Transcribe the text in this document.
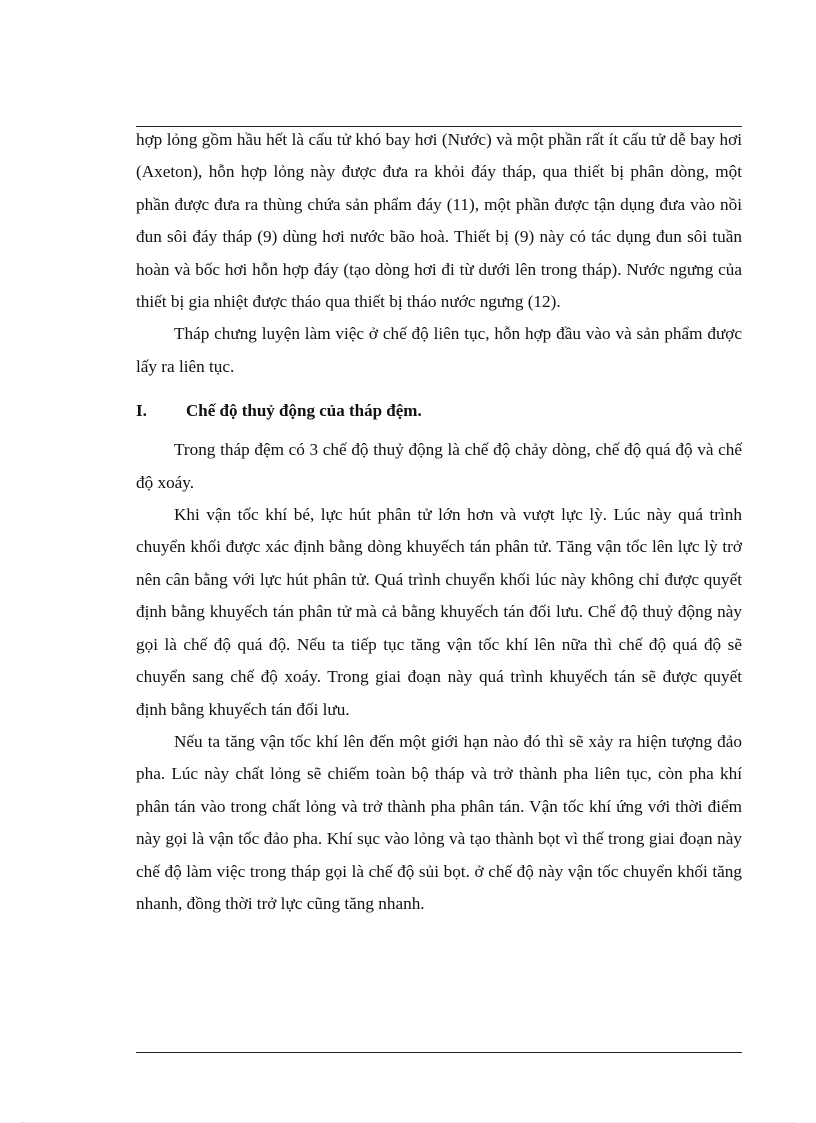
hợp lỏng gồm hầu hết là cấu tử khó bay hơi (Nước) và một phần rất ít cấu tử dễ bay hơi (Axeton), hỗn hợp lỏng này được đưa ra khỏi đáy tháp, qua thiết bị phân dòng, một phần được đưa ra thùng chứa sản phẩm đáy (11), một phần được tận dụng đưa vào nồi đun sôi đáy tháp (9) dùng hơi nước bão hoà. Thiết bị (9) này có tác dụng đun sôi tuần hoàn và bốc hơi hỗn hợp đáy (tạo dòng hơi đi từ dưới lên trong tháp). Nước ngưng của thiết bị gia nhiệt được tháo qua thiết bị tháo nước ngưng (12).

Tháp chưng luyện làm việc ở chế độ liên tục, hỗn hợp đầu vào và sản phẩm được lấy ra liên tục.

I.	Chế độ thuỷ động của tháp đệm.

Trong tháp đệm có 3 chế độ thuỷ động là chế độ chảy dòng, chế độ quá độ và chế độ xoáy.

Khi vận tốc khí bé, lực hút phân tử lớn hơn và vượt lực lỳ. Lúc này quá trình chuyển khối được xác định bằng dòng khuyếch tán phân tử. Tăng vận tốc lên lực lỳ trở nên cân bằng với lực hút phân tử. Quá trình chuyển khối lúc này không chỉ được quyết định bằng khuyếch tán phân tử mà cả bằng khuyếch tán đối lưu. Chế độ thuỷ động này gọi là chế độ quá độ. Nếu ta tiếp tục tăng vận tốc khí lên nữa thì chế độ quá độ sẽ chuyển sang chế độ xoáy. Trong giai đoạn này quá trình khuyếch tán sẽ được quyết định bằng khuyếch tán đối lưu.

Nếu ta tăng vận tốc khí lên đến một giới hạn nào đó thì sẽ xảy ra hiện tượng đảo pha. Lúc này chất lỏng sẽ chiếm toàn bộ tháp và trở thành pha liên tục, còn pha khí phân tán vào trong chất lỏng và trở thành pha phân tán. Vận tốc khí ứng với thời điểm này gọi là vận tốc đảo pha. Khí sục vào lỏng và tạo thành bọt vì thế trong giai đoạn này chế độ làm việc trong tháp gọi là chế độ sủi bọt. ở chế độ này vận tốc chuyển khối tăng nhanh, đồng thời trở lực cũng tăng nhanh.
